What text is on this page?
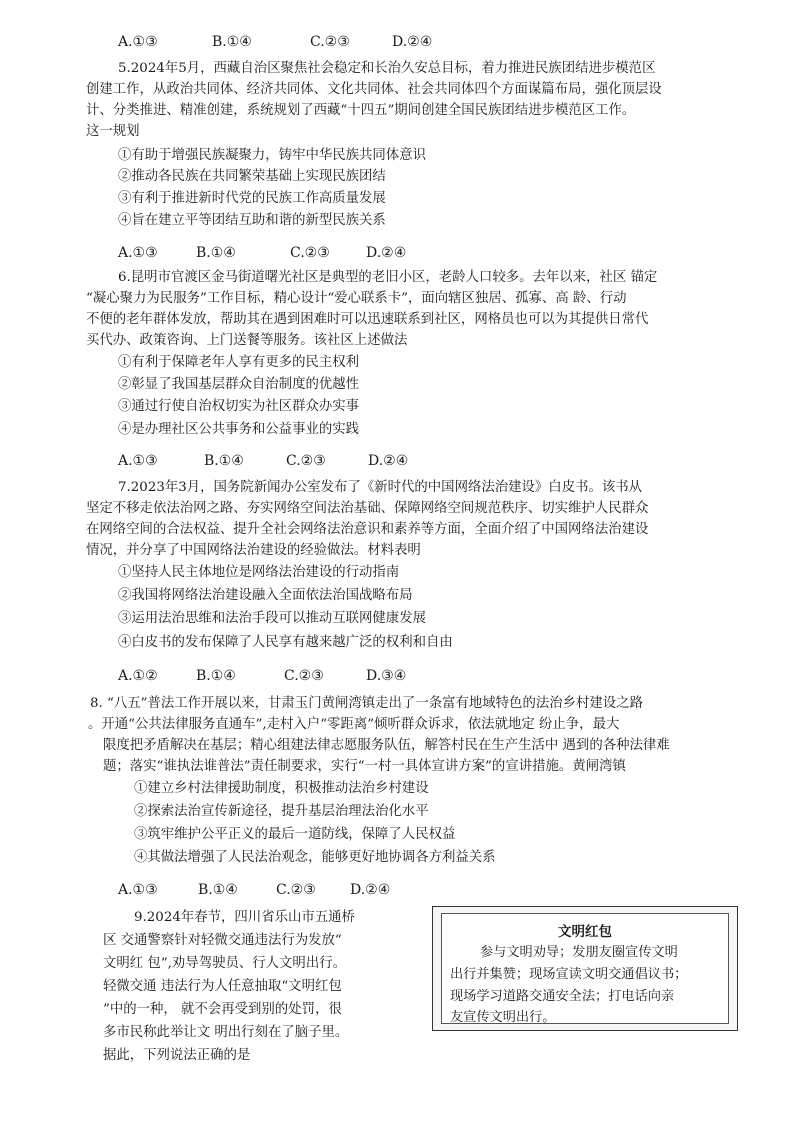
A.①③	B.①④	C.②③	D.②④
5.2024年5月，西藏自治区聚焦社会稳定和长治久安总目标，着力推进民族团结进步模范区
创建工作，从政治共同体、经济共同体、文化共同体、社会共同体四个方面谋篇布局，强化顶层设
计、分类推进、精准创建，系统规划了西藏“十四五”期间创建全国民族团结进步模范区工作。
这一规划
①有助于增强民族凝聚力，铸牢中华民族共同体意识
②推动各民族在共同繁荣基础上实现民族团结
③有利于推进新时代党的民族工作高质量发展
④旨在建立平等团结互助和谐的新型民族关系
A.①③	B.①④	C.②③	D.②④
6.昆明市官渡区金马街道曙光社区是典型的老旧小区，老龄人口较多。去年以来，社区 锚定
“凝心聚力为民服务”工作目标，精心设计“爱心联系卡”，面向辖区独居、孤寡、高 龄、行动
不便的老年群体发放，帮助其在遇到困难时可以迅速联系到社区，网格员也可以为其提供日常代
买代办、政策咨询、上门送餐等服务。该社区上述做法
①有利于保障老年人享有更多的民主权利
②彰显了我国基层群众自治制度的优越性
③通过行使自治权切实为社区群众办实事
④是办理社区公共事务和公益事业的实践
A.①③	B.①④	C.②③	D.②④
7.2023年3月，国务院新闻办公室发布了《新时代的中国网络法治建设》白皮书。该书从
坚定不移走依法治网之路、夯实网络空间法治基础、保障网络空间规范秩序、切实维护人民群众
在网络空间的合法权益、提升全社会网络法治意识和素养等方面，全面介绍了中国网络法治建设
情况，并分享了中国网络法治建设的经验做法。材料表明
①坚持人民主体地位是网络法治建设的行动指南
②我国将网络法治建设融入全面依法治国战略布局
③运用法治思维和法治手段可以推动互联网健康发展
④白皮书的发布保障了人民享有越来越广泛的权利和自由
A.①②	B.①④	C.②③	D.③④
8. “八五”普法工作开展以来，甘肃玉门黄闸湾镇走出了一条富有地域特色的法治乡村建设之路
。开通“公共法律服务直通车”,走村入户“零距离”倾听群众诉求，依法就地定 纷止争，最大
限度把矛盾解决在基层；精心组建法律志愿服务队伍，解答村民在生产生活中 遇到的各种法律难
题；落实“谁执法谁普法”责任制要求，实行“一村一具体宣讲方案”的宣讲措施。黄闸湾镇
①建立乡村法律援助制度，积极推动法治乡村建设
②探索法治宣传新途径，提升基层治理法治化水平
③筑牢维护公平正义的最后一道防线，保障了人民权益
④其做法增强了人民法治观念，能够更好地协调各方利益关系
A.①③	B.①④	C.②③ D.②④
9.2024年春节，四川省乐山市五通桥
区 交通警察针对轻微交通违法行为发放“
文明红 包”,劝导驾驶员、行人文明出行。
轻微交通 违法行为人任意抽取“文明红包
”中的一种， 就不会再受到别的处罚，很
多市民称此举让文 明出行刻在了脑子里。
据此，下列说法正确的是
文明红包
参与文明劝导；发朋友圈宣传文明
出行并集赞；现场宣读文明交通倡议书；
现场学习道路交通安全法；打电话向亲
友宣传文明出行。
